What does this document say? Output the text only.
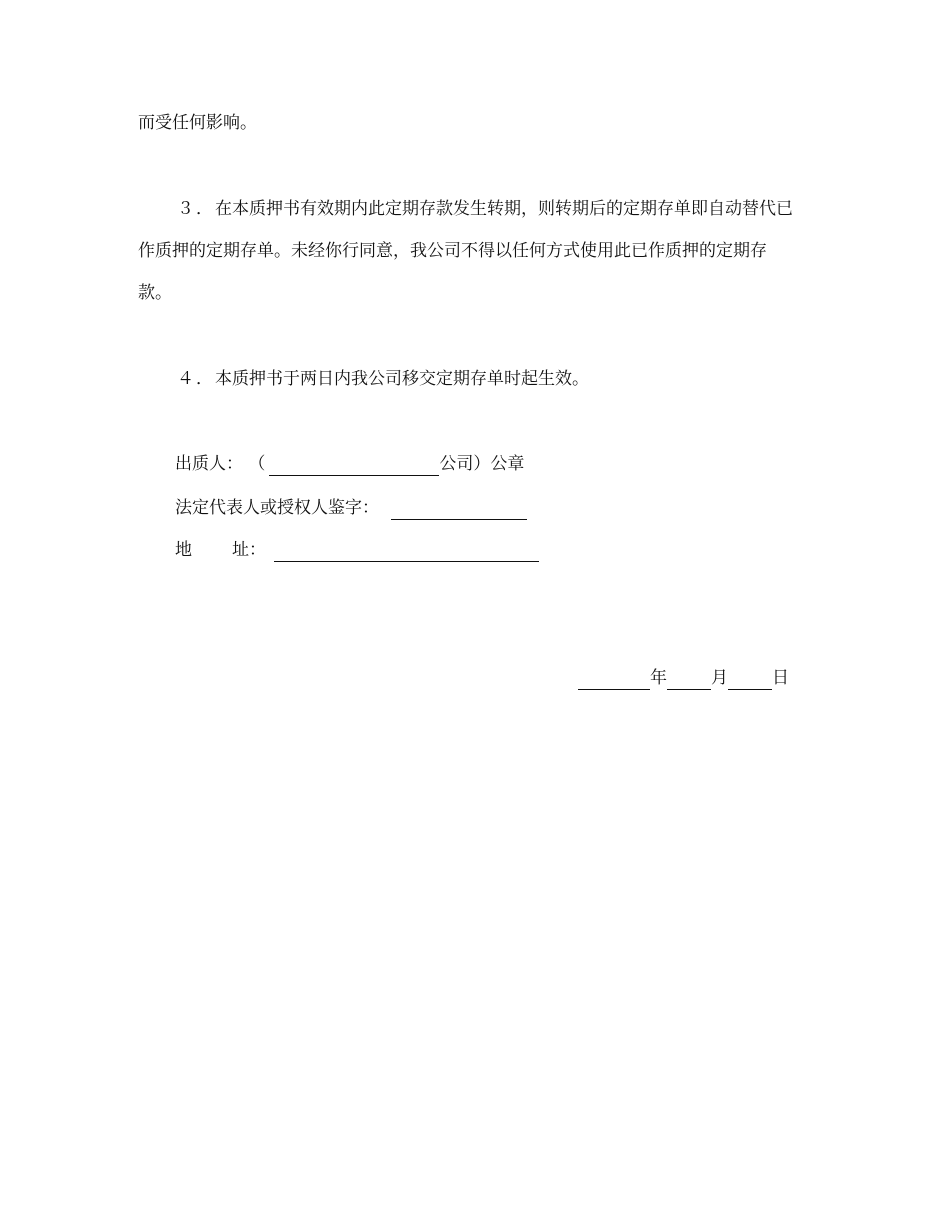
而受任何影响。

３．在本质押书有效期内此定期存款发生转期，则转期后的定期存单即自动替代已作质押的定期存单。未经你行同意，我公司不得以任何方式使用此已作质押的定期存款。

４．本质押书于两日内我公司移交定期存单时起生效。

出质人： （	公司）公章
法定代表人或授权人鉴字：
地 址：
年	月	日
